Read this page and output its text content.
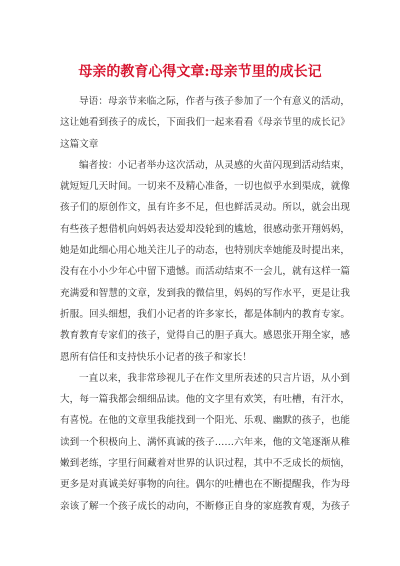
母亲的教育心得文章:母亲节里的成长记
导语：母亲节来临之际，作者与孩子参加了一个有意义的活动，
这让她看到孩子的成长，下面我们一起来看看《母亲节里的成长记》
这篇文章
编者按：小记者举办这次活动，从灵感的火苗闪现到活动结束，
就短短几天时间。一切来不及精心准备，一切也似乎水到渠成，就像
孩子们的原创作文，虽有许多不足，但也鲜活灵动。所以，就会出现
有些孩子想借机向妈妈表达爱却没轮到的尴尬，很感动张开翔妈妈，
她是如此细心用心地关注儿子的动态，也特别庆幸她能及时提出来，
没有在小小少年心中留下遗憾。而活动结束不一会儿，就有这样一篇
充满爱和智慧的文章，发到我的微信里，妈妈的写作水平，更是让我
折服。回头细想，我们小记者的许多家长，都是体制内的教育专家。
教育教育专家们的孩子，觉得自己的胆子真大。感恩张开翔全家，感
恩所有信任和支持快乐小记者的孩子和家长！
一直以来，我非常珍视儿子在作文里所表述的只言片语，从小到
大，每一篇我都会细细品读。他的文字里有欢笑，有吐槽，有汗水，
有喜悦。在他的文章里我能找到一个阳光、乐观、幽默的孩子，也能
读到一个积极向上、满怀真诚的孩子……六年来，他的文笔逐渐从稚
嫩到老练，字里行间藏着对世界的认识过程，其中不乏成长的烦恼，
更多是对真诚美好事物的向往。偶尔的吐槽也在不断提醒我，作为母
亲该了解一个孩子成长的动向，不断修正自身的家庭教育观，为孩子
